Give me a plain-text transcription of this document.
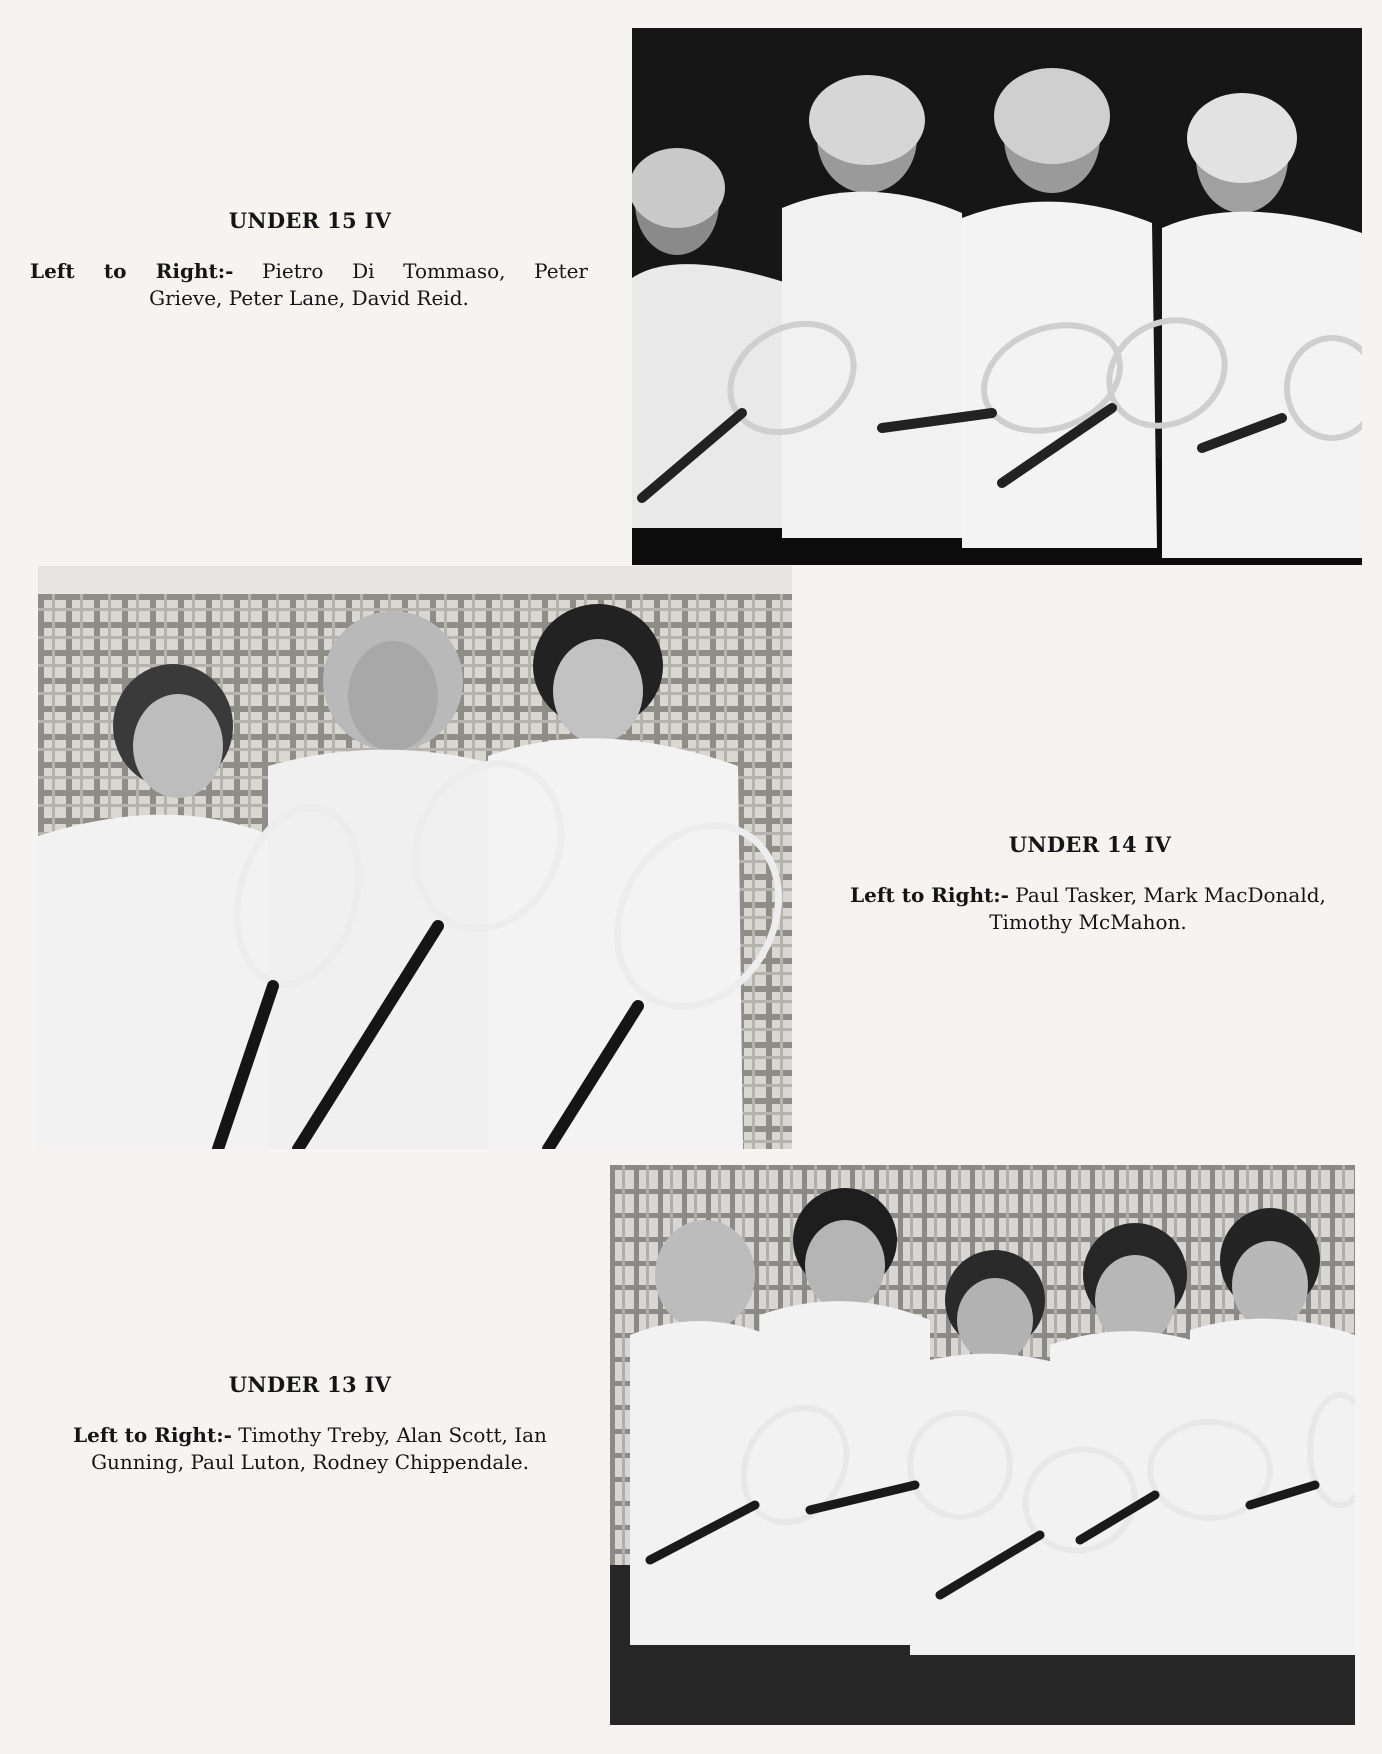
UNDER 15 IV
Left to Right:- Pietro Di Tommaso, Peter
Grieve, Peter Lane, David Reid.
UNDER 14 IV
Left to Right:- Paul Tasker, Mark MacDonald,
Timothy McMahon.
UNDER 13 IV
Left to Right:- Timothy Treby, Alan Scott, Ian
Gunning, Paul Luton, Rodney Chippendale.
